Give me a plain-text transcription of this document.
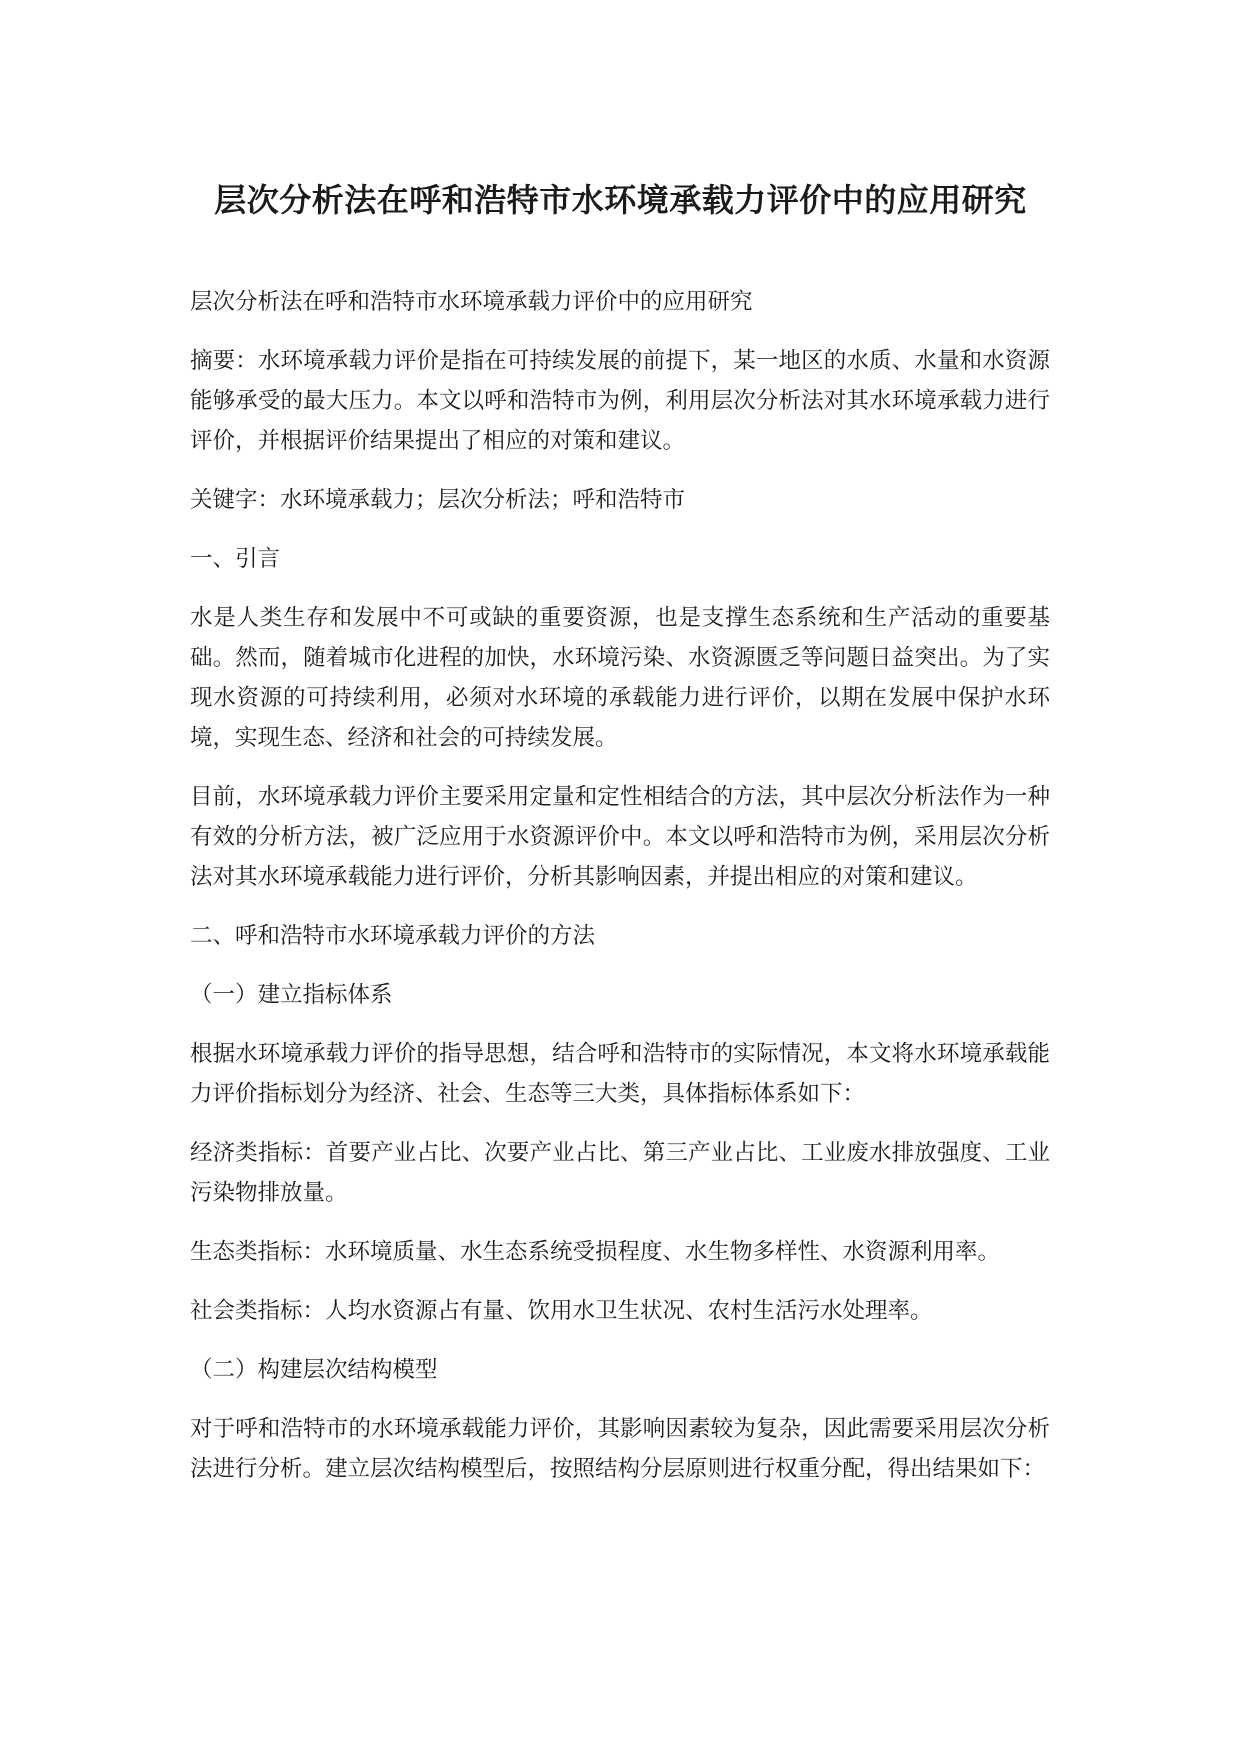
层次分析法在呼和浩特市水环境承载力评价中的应用研究

层次分析法在呼和浩特市水环境承载力评价中的应用研究

摘要：水环境承载力评价是指在可持续发展的前提下，某一地区的水质、水量和水资源能够承受的最大压力。本文以呼和浩特市为例，利用层次分析法对其水环境承载力进行评价，并根据评价结果提出了相应的对策和建议。

关键字：水环境承载力；层次分析法；呼和浩特市

一、引言

水是人类生存和发展中不可或缺的重要资源，也是支撑生态系统和生产活动的重要基础。然而，随着城市化进程的加快，水环境污染、水资源匮乏等问题日益突出。为了实现水资源的可持续利用，必须对水环境的承载能力进行评价，以期在发展中保护水环境，实现生态、经济和社会的可持续发展。

目前，水环境承载力评价主要采用定量和定性相结合的方法，其中层次分析法作为一种有效的分析方法，被广泛应用于水资源评价中。本文以呼和浩特市为例，采用层次分析法对其水环境承载能力进行评价，分析其影响因素，并提出相应的对策和建议。

二、呼和浩特市水环境承载力评价的方法

（一）建立指标体系

根据水环境承载力评价的指导思想，结合呼和浩特市的实际情况，本文将水环境承载能力评价指标划分为经济、社会、生态等三大类，具体指标体系如下：

经济类指标：首要产业占比、次要产业占比、第三产业占比、工业废水排放强度、工业污染物排放量。

生态类指标：水环境质量、水生态系统受损程度、水生物多样性、水资源利用率。

社会类指标：人均水资源占有量、饮用水卫生状况、农村生活污水处理率。

（二）构建层次结构模型

对于呼和浩特市的水环境承载能力评价，其影响因素较为复杂，因此需要采用层次分析法进行分析。建立层次结构模型后，按照结构分层原则进行权重分配，得出结果如下：
